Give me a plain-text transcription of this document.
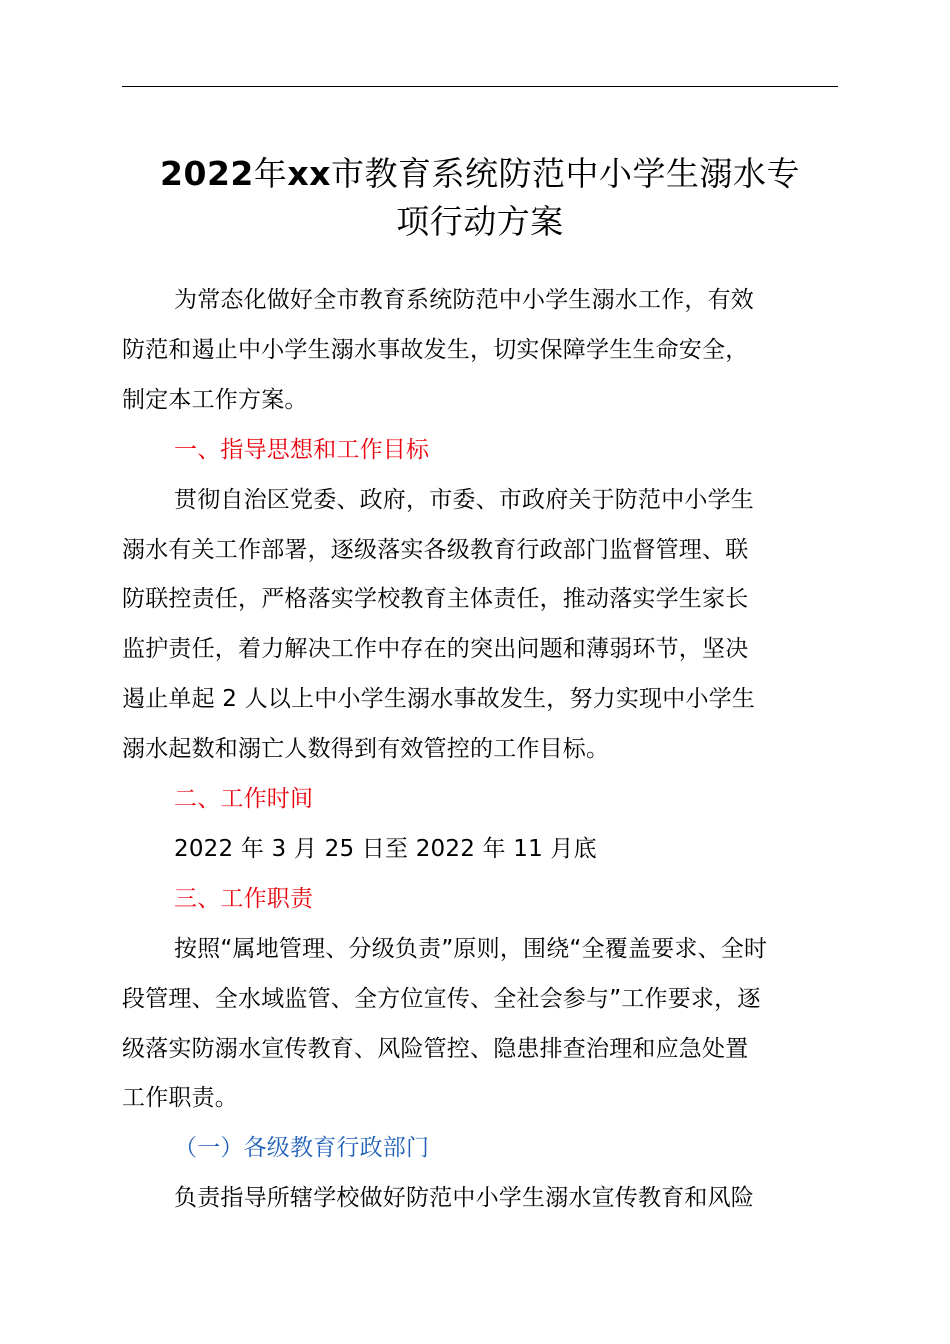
2022年xx市教育系统防范中小学生溺水专
项行动方案
为常态化做好全市教育系统防范中小学生溺水工作，有效
防范和遏止中小学生溺水事故发生，切实保障学生生命安全，
制定本工作方案。
一、指导思想和工作目标
贯彻自治区党委、政府，市委、市政府关于防范中小学生
溺水有关工作部署，逐级落实各级教育行政部门监督管理、联
防联控责任，严格落实学校教育主体责任，推动落实学生家长
监护责任，着力解决工作中存在的突出问题和薄弱环节，坚决
遏止单起 2 人以上中小学生溺水事故发生，努力实现中小学生
溺水起数和溺亡人数得到有效管控的工作目标。
二、工作时间
2022 年 3 月 25 日至 2022 年 11 月底
三、工作职责
按照“属地管理、分级负责”原则，围绕“全覆盖要求、全时
段管理、全水域监管、全方位宣传、全社会参与”工作要求，逐
级落实防溺水宣传教育、风险管控、隐患排查治理和应急处置
工作职责。
（一）各级教育行政部门
负责指导所辖学校做好防范中小学生溺水宣传教育和风险
